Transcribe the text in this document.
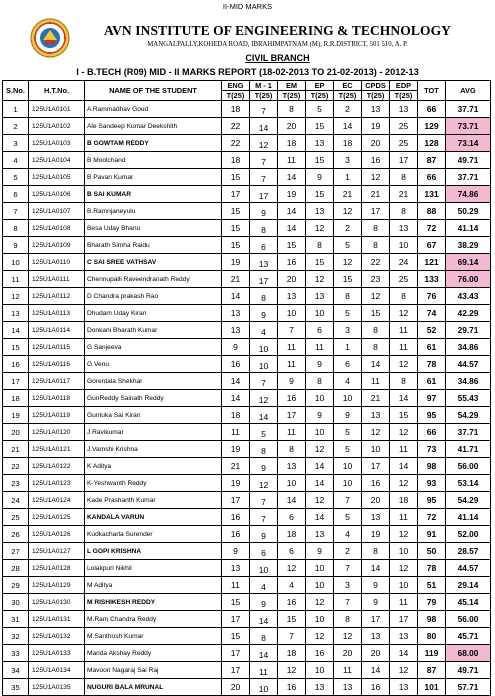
II-MID MARKS
AVN INSTITUTE OF ENGINEERING & TECHNOLOGY
MANGALPALLY,KOHEDA ROAD, IBRAHIMPATNAM (M), R.R.DISTRICT, 501 510, A. P.
CIVIL BRANCH
I - B.TECH (R09) MID - II MARKS REPORT (18-02-2013 TO 21-02-2013) - 2012-13
S.No.	H.T.No.	NAME OF THE STUDENT	ENG	M - 1	EM	EP	EC	CPDS	EDP	TOT	AVG
			T(25)	T(25)	T(25)	T(25)	T(25)	T(25)	T(25)		
1	125U1A0101	A Rammadhav Goud	18	7	8	5	2	13	13	66	37.71
2	125U1A0102	Ale Sandeep Kumar Deekshith	22	14	20	15	14	19	25	129	73.71
3	125U1A0103	B GOWTAM REDDY	22	12	18	13	18	20	25	128	73.14
4	125U1A0104	B Moolchand	18	7	11	15	3	16	17	87	49.71
5	125U1A0105	B Pavan Kumar	15	7	14	9	1	12	8	66	37.71
6	125U1A0106	B SAI KUMAR	17	17	19	15	21	21	21	131	74.86
7	125U1A0107	B.Ramnjaneyulu	15	9	14	13	12	17	8	88	50.29
8	125U1A0108	Besa Uday Bhanu	15	8	14	12	2	8	13	72	41.14
9	125U1A0109	Bharath Simha Raidu	15	6	15	8	5	8	10	67	38.29
10	125U1A0110	C SAI SREE VATHSAV	19	13	16	15	12	22	24	121	69.14
11	125U1A0111	Chennupalli Raveendranath Reddy	21	17	20	12	15	23	25	133	76.00
12	125U1A0112	D Chandra prakash Rao	14	8	13	13	8	12	8	76	43.43
13	125U1A0113	Dhudam Uday Kiran	13	9	10	10	5	15	12	74	42.29
14	125U1A0114	Donkani Bharath Kumar	13	4	7	6	3	8	11	52	29.71
15	125U1A0115	G Sanjeeva	9	10	11	11	1	8	11	61	34.86
16	125U1A0116	G Venu	16	10	11	9	6	14	12	78	44.57
17	125U1A0117	Gorentala Shekhar	14	7	9	8	4	11	8	61	34.86
18	125U1A0118	GunReddy Sainath Reddy	14	12	16	10	10	21	14	97	55.43
19	125U1A0119	Guntuka Sai Kiran	18	14	17	9	9	13	15	95	54.29
20	125U1A0120	J Ravikumar	11	5	11	10	5	12	12	66	37.71
21	125U1A0121	J.Vamshi Krishna	19	8	8	12	5	10	11	73	41.71
22	125U1A0122	K Aditya	21	9	13	14	10	17	14	98	56.00
23	125U1A0123	K-Yeshwanth Reddy	19	12	10	14	10	16	12	93	53.14
24	125U1A0124	Kade Prashanth Kumar	17	7	14	12	7	20	18	95	54.29
25	125U1A0125	KANDALA VARUN	16	7	6	14	5	13	11	72	41.14
26	125U1A0126	Kudkacharla Surender	16	9	18	13	4	19	12	91	52.00
27	125U1A0127	L GOPI KRISHNA	9	6	6	9	2	8	10	50	28.57
28	125U1A0128	Lolakpuri Nikhil	13	10	12	10	7	14	12	78	44.57
29	125U1A0129	M Aditya	11	4	4	10	3	9	10	51	29.14
30	125U1A0130	M RISHIKESH REDDY	15	9	16	12	7	9	11	79	45.14
31	125U1A0131	M.Ram Chandra Reddy	17	14	15	10	8	17	17	98	56.00
32	125U1A0132	M.Santhosh Kumar	15	8	7	12	12	13	13	80	45.71
33	125U1A0133	Manda Akshay Reddy	17	14	18	16	20	20	14	119	68.00
34	125U1A0134	Mavoori Nagaraj Sai Raj	17	11	12	10	11	14	12	87	49.71
35	125U1A0135	NUGURI BALA MRUNAL	20	10	16	13	13	16	13	101	57.71
